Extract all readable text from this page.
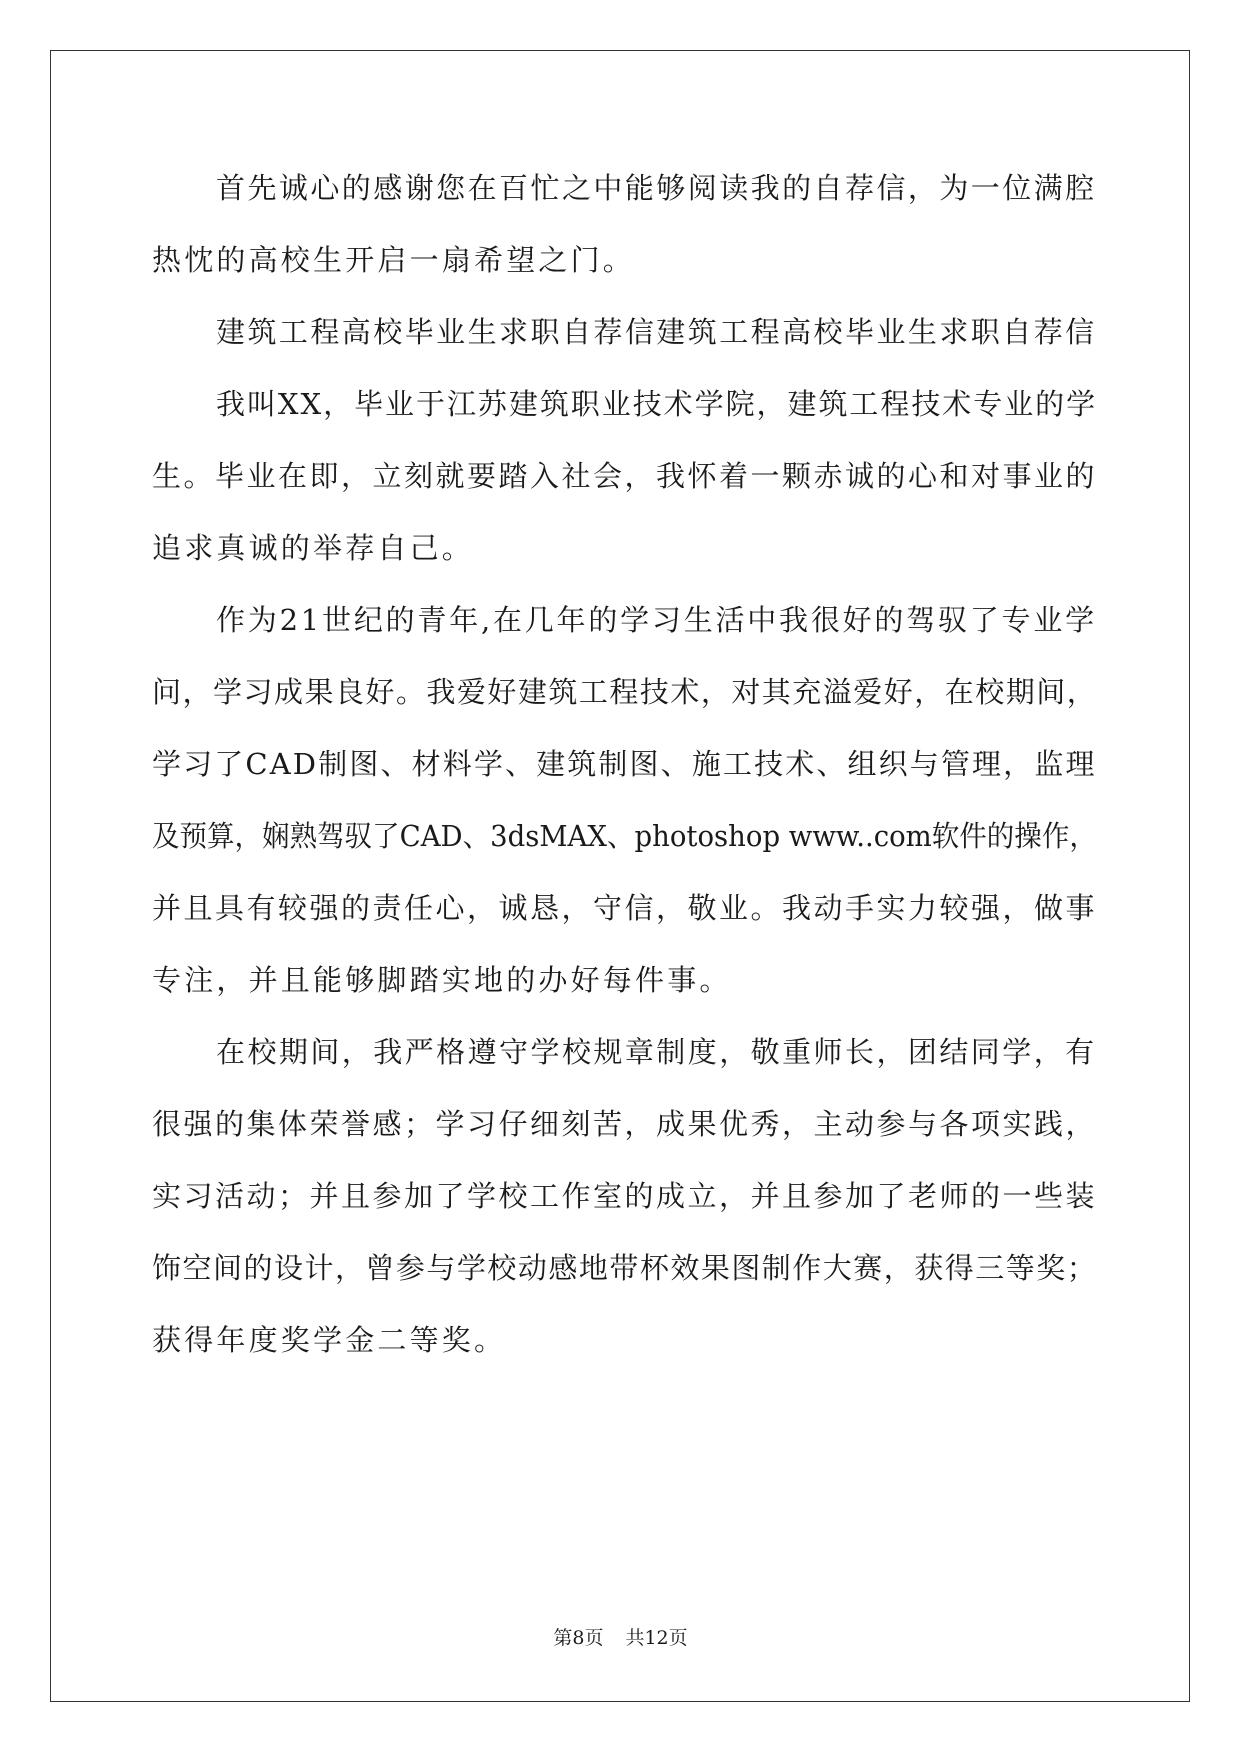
首先诚心的感谢您在百忙之中能够阅读我的自荐信，为一位满腔
热忱的高校生开启一扇希望之门。
建筑工程高校毕业生求职自荐信建筑工程高校毕业生求职自荐信
我叫XX，毕业于江苏建筑职业技术学院，建筑工程技术专业的学
生。毕业在即，立刻就要踏入社会，我怀着一颗赤诚的心和对事业的
追求真诚的举荐自己。
作为21世纪的青年,在几年的学习生活中我很好的驾驭了专业学
问，学习成果良好。我爱好建筑工程技术，对其充溢爱好，在校期间，
学习了CAD制图、材料学、建筑制图、施工技术、组织与管理，监理
及预算，娴熟驾驭了CAD、3dsMAX、photoshop www..com软件的操作，
并且具有较强的责任心，诚恳，守信，敬业。我动手实力较强，做事
专注，并且能够脚踏实地的办好每件事。
在校期间，我严格遵守学校规章制度，敬重师长，团结同学，有
很强的集体荣誉感；学习仔细刻苦，成果优秀，主动参与各项实践，
实习活动；并且参加了学校工作室的成立，并且参加了老师的一些装
饰空间的设计，曾参与学校动感地带杯效果图制作大赛，获得三等奖；
获得年度奖学金二等奖。
第8页 共12页
